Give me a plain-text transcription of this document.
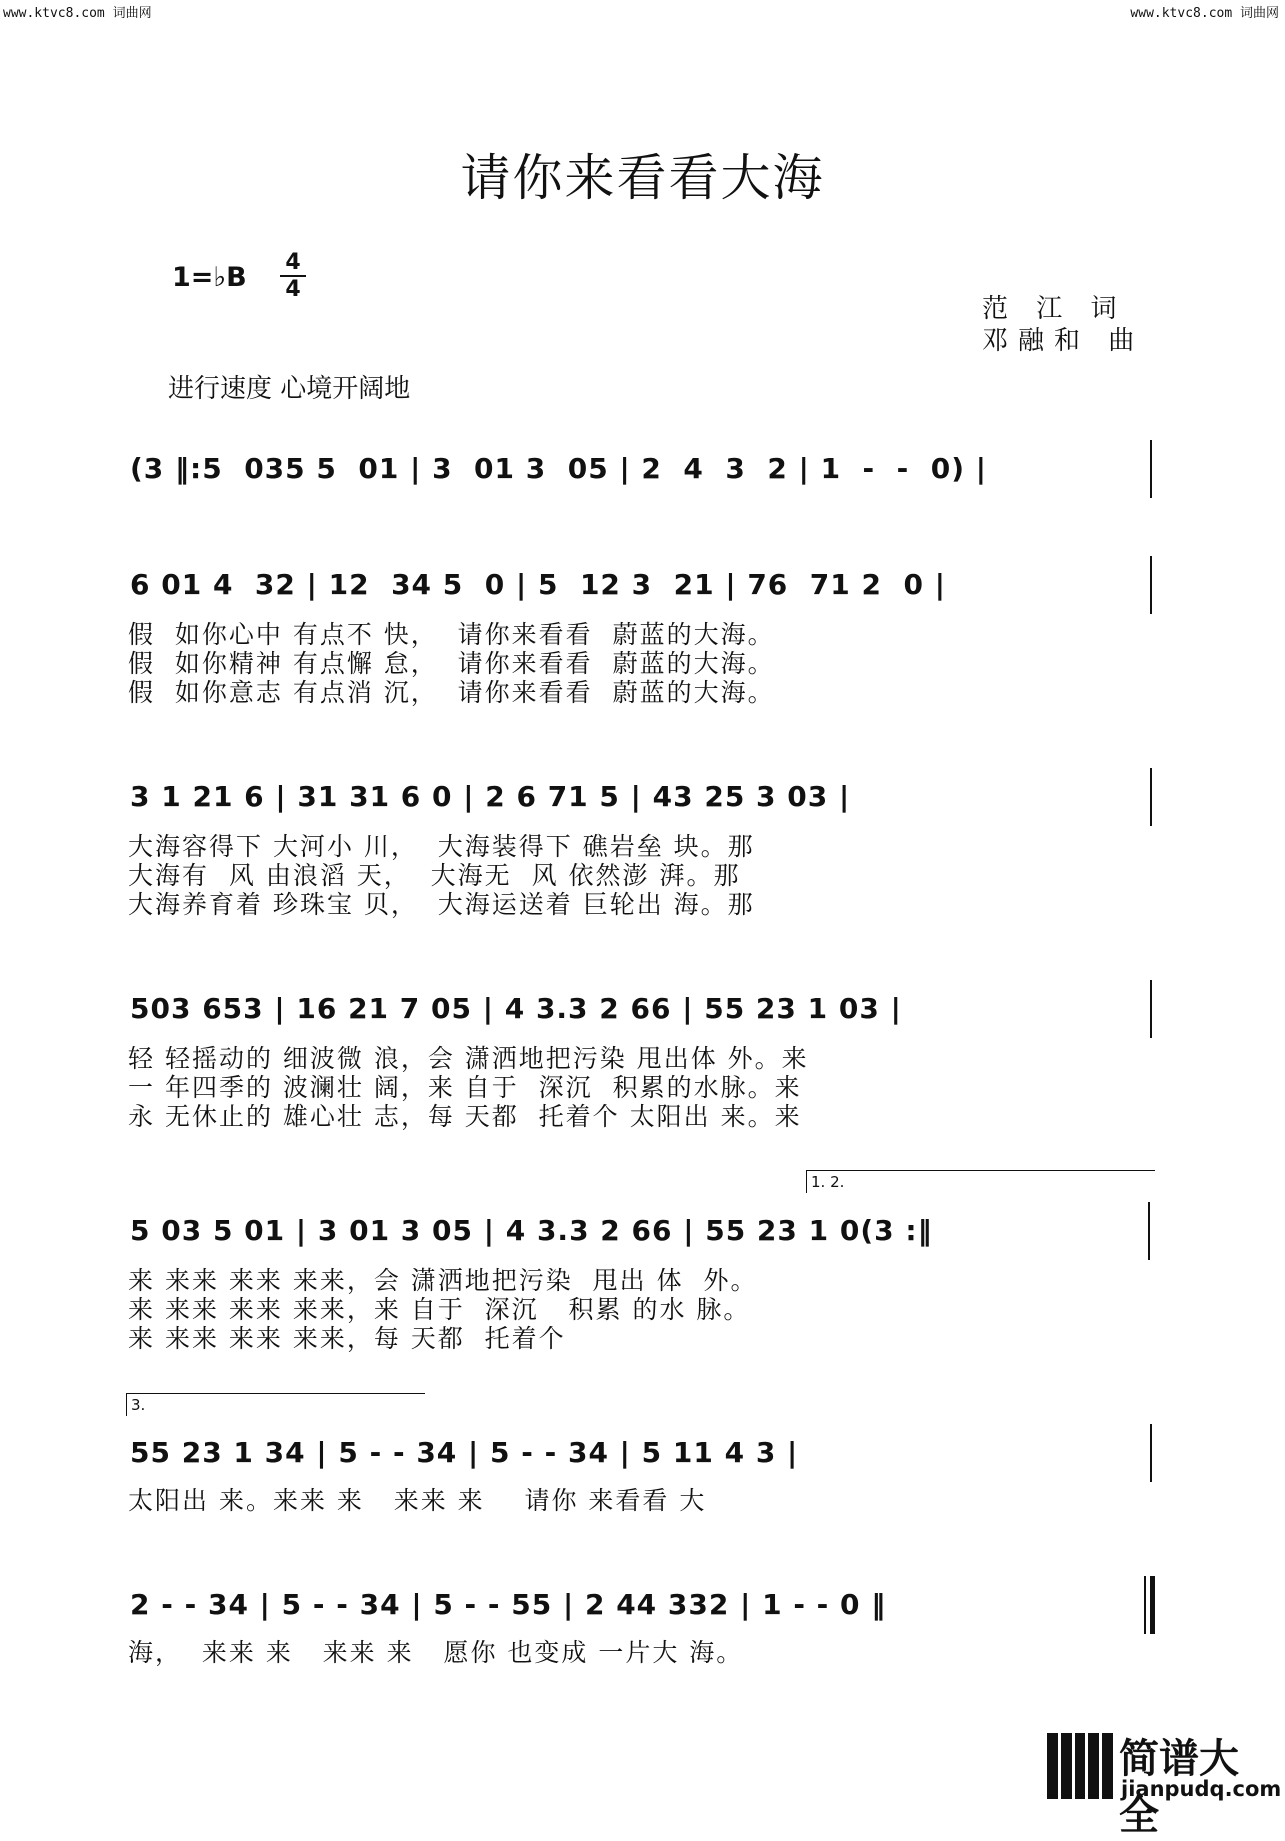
www.ktvc8.com 词曲网	www.ktvc8.com 词曲网
请你来看看大海
1=♭B 4
4
范 江 词
邓融和 曲
进行速度 心境开阔地
(3 ‖:5  035 5  01 | 3  01 3  05 | 2  4  3  2 | 1  -  -  0) |
6 01 4  32 | 12  34 5  0 | 5  12 3  21 | 76  71 2  0 |
假  如你心中 有点不 快，  请你来看看  蔚蓝的大海。
假  如你精神 有点懈 怠，  请你来看看  蔚蓝的大海。
假  如你意志 有点消 沉，  请你来看看  蔚蓝的大海。
3 1 21 6 | 31 31 6 0 | 2 6 71 5 | 43 25 3 03 |
大海容得下 大河小 川，  大海装得下 礁岩垒 块。那
大海有  风 由浪滔 天，  大海无  风 依然澎 湃。那
大海养育着 珍珠宝 贝，  大海运送着 巨轮出 海。那
503 653 | 16 21 7 05 | 4 3.3 2 66 | 55 23 1 03 |
轻 轻摇动的 细波微 浪，会 潇洒地把污染 甩出体 外。来
一 年四季的 波澜壮 阔，来 自于  深沉  积累的水脉。来
永 无休止的 雄心壮 志，每 天都  托着个 太阳出 来。来
1. 2.
5 03 5 01 | 3 01 3 05 | 4 3.3 2 66 | 55 23 1 0(3 :‖
来 来来 来来 来来，会 潇洒地把污染  甩出 体  外。
来 来来 来来 来来，来 自于  深沉   积累 的水 脉。
来 来来 来来 来来，每 天都  托着个
3.
55 23 1 34 | 5 - - 34 | 5 - - 34 | 5 11 4 3 |
太阳出 来。来来 来   来来 来    请你 来看看 大
2 - - 34 | 5 - - 34 | 5 - - 55 | 2 44 332 | 1 - - 0 ‖
海，  来来 来   来来 来   愿你 也变成 一片大 海。
简谱大全
jianpudq.com
